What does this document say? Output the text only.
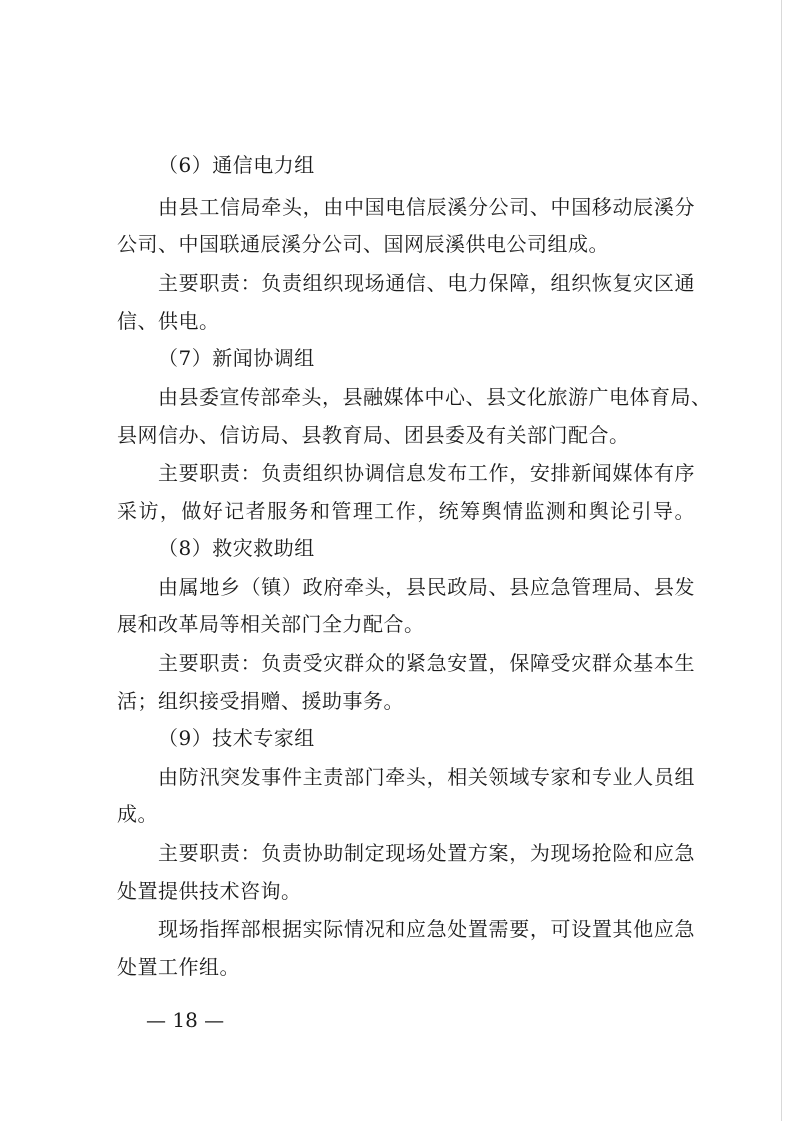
（6）通信电力组
由县工信局牵头，由中国电信辰溪分公司、中国移动辰溪分
公司、中国联通辰溪分公司、国网辰溪供电公司组成。
主要职责：负责组织现场通信、电力保障，组织恢复灾区通
信、供电。
（7）新闻协调组
由县委宣传部牵头，县融媒体中心、县文化旅游广电体育局、
县网信办、信访局、县教育局、团县委及有关部门配合。
主要职责：负责组织协调信息发布工作，安排新闻媒体有序
采访，做好记者服务和管理工作，统筹舆情监测和舆论引导。
（8）救灾救助组
由属地乡（镇）政府牵头，县民政局、县应急管理局、县发
展和改革局等相关部门全力配合。
主要职责：负责受灾群众的紧急安置，保障受灾群众基本生
活；组织接受捐赠、援助事务。
（9）技术专家组
由防汛突发事件主责部门牵头，相关领域专家和专业人员组
成。
主要职责：负责协助制定现场处置方案，为现场抢险和应急
处置提供技术咨询。
现场指挥部根据实际情况和应急处置需要，可设置其他应急
处置工作组。
— 18 —
